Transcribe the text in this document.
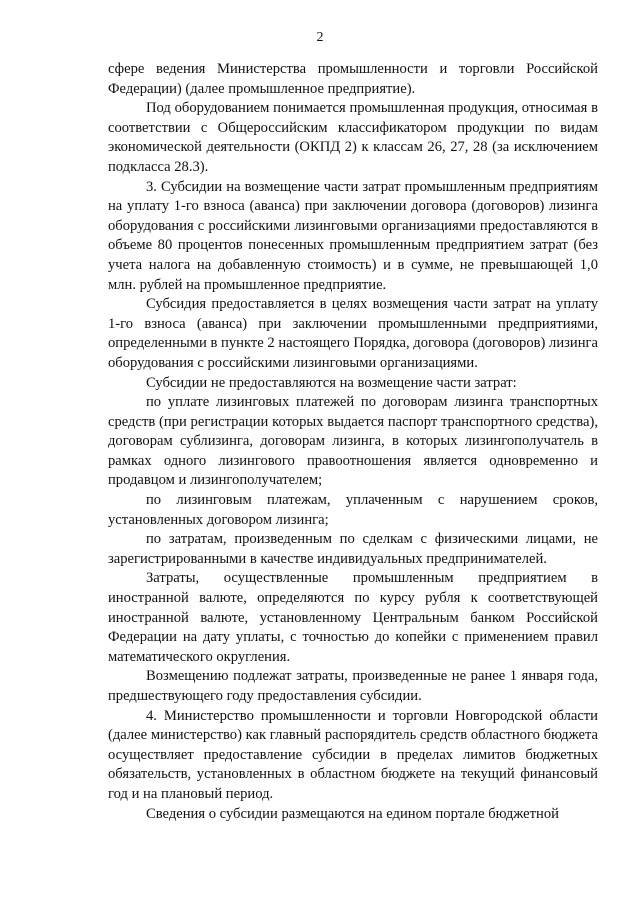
2

сфере ведения Министерства промышленности и торговли Российской Федерации) (далее промышленное предприятие).

Под оборудованием понимается промышленная продукция, относимая в соответствии с Общероссийским классификатором продукции по видам экономической деятельности (ОКПД 2) к классам 26, 27, 28 (за исключением подкласса 28.3).

3. Субсидии на возмещение части затрат промышленным предприятиям на уплату 1-го взноса (аванса) при заключении договора (договоров) лизинга оборудования с российскими лизинговыми организациями предоставляются в объеме 80 процентов понесенных промышленным предприятием затрат (без учета налога на добавленную стоимость) и в сумме, не превышающей 1,0 млн. рублей на промышленное предприятие.

Субсидия предоставляется в целях возмещения части затрат на уплату 1-го взноса (аванса) при заключении промышленными предприятиями, определенными в пункте 2 настоящего Порядка, договора (договоров) лизинга оборудования с российскими лизинговыми организациями.

Субсидии не предоставляются на возмещение части затрат:

по уплате лизинговых платежей по договорам лизинга транспортных средств (при регистрации которых выдается паспорт транспортного средства), договорам сублизинга, договорам лизинга, в которых лизингополучатель в рамках одного лизингового правоотношения является одновременно и продавцом и лизингополучателем;

по лизинговым платежам, уплаченным с нарушением сроков, установленных договором лизинга;

по затратам, произведенным по сделкам с физическими лицами, не зарегистрированными в качестве индивидуальных предпринимателей.

Затраты, осуществленные промышленным предприятием в иностранной валюте, определяются по курсу рубля к соответствующей иностранной валюте, установленному Центральным банком Российской Федерации на дату уплаты, с точностью до копейки с применением правил математического округления.

Возмещению подлежат затраты, произведенные не ранее 1 января года, предшествующего году предоставления субсидии.

4. Министерство промышленности и торговли Новгородской области (далее министерство) как главный распорядитель средств областного бюджета осуществляет предоставление субсидии в пределах лимитов бюджетных обязательств, установленных в областном бюджете на текущий финансовый год и на плановый период.

Сведения о субсидии размещаются на едином портале бюджетной
